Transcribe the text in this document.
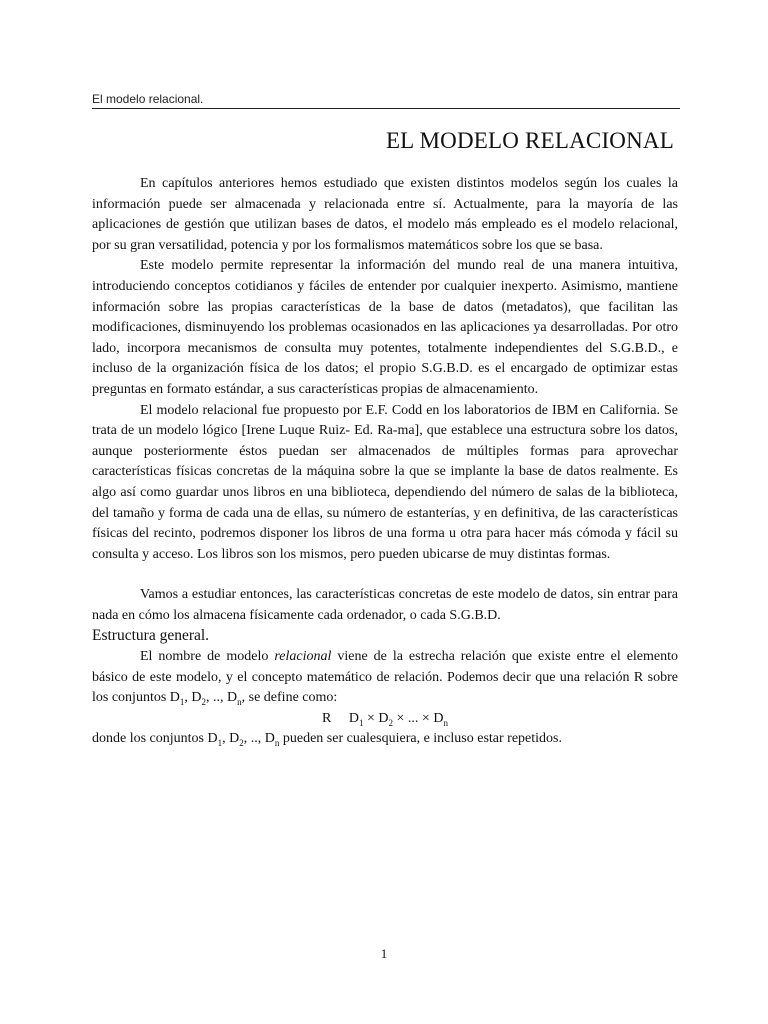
El modelo relacional.
EL MODELO RELACIONAL

En capítulos anteriores hemos estudiado que existen distintos modelos según los cuales la información puede ser almacenada y relacionada entre sí. Actualmente, para la mayoría de las aplicaciones de gestión que utilizan bases de datos, el modelo más empleado es el modelo relacional, por su gran versatilidad, potencia y por los formalismos matemáticos sobre los que se basa.

Este modelo permite representar la información del mundo real de una manera intuitiva, introduciendo conceptos cotidianos y fáciles de entender por cualquier inexperto. Asimismo, mantiene información sobre las propias características de la base de datos (metadatos), que facilitan las modificaciones, disminuyendo los problemas ocasionados en las aplicaciones ya desarrolladas. Por otro lado, incorpora mecanismos de consulta muy potentes, totalmente independientes del S.G.B.D., e incluso de la organización física de los datos; el propio S.G.B.D. es el encargado de optimizar estas preguntas en formato estándar, a sus características propias de almacenamiento.

El modelo relacional fue propuesto por E.F. Codd en los laboratorios de IBM en California. Se trata de un modelo lógico [Irene Luque Ruiz- Ed. Ra-ma], que establece una estructura sobre los datos, aunque posteriormente éstos puedan ser almacenados de múltiples formas para aprovechar características físicas concretas de la máquina sobre la que se implante la base de datos realmente. Es algo así como guardar unos libros en una biblioteca, dependiendo del número de salas de la biblioteca, del tamaño y forma de cada una de ellas, su número de estanterías, y en definitiva, de las características físicas del recinto, podremos disponer los libros de una forma u otra para hacer más cómoda y fácil su consulta y acceso. Los libros son los mismos, pero pueden ubicarse de muy distintas formas.

Vamos a estudiar entonces, las características concretas de este modelo de datos, sin entrar para nada en cómo los almacena físicamente cada ordenador, o cada S.G.B.D.

Estructura general.

El nombre de modelo relacional viene de la estrecha relación que existe entre el elemento básico de este modelo, y el concepto matemático de relación. Podemos decir que una relación R sobre los conjuntos $D_1$, $D_2$, .., $D_n$, se define como:

R $D_1 \times D_2$ × ... × $D_n$

donde los conjuntos $D_1$, $D_2$, .., $D_n$ pueden ser cualesquiera, e incluso estar repetidos.

1
